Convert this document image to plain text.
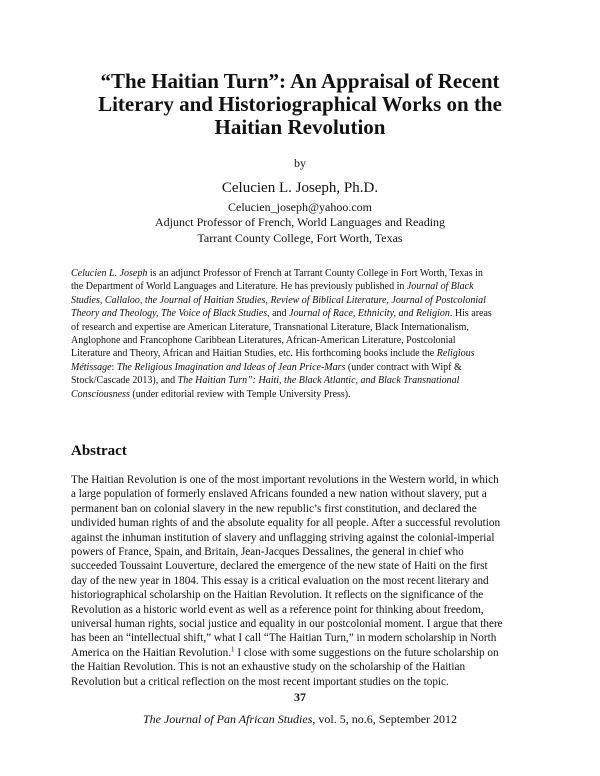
“The Haitian Turn”: An Appraisal of Recent
Literary and Historiographical Works on the
Haitian Revolution
by
Celucien L. Joseph, Ph.D.
Celucien_joseph@yahoo.com
Adjunct Professor of French, World Languages and Reading
Tarrant County College, Fort Worth, Texas
Celucien L. Joseph is an adjunct Professor of French at Tarrant County College in Fort Worth, Texas in
the Department of World Languages and Literature. He has previously published in Journal of Black
Studies, Callaloo, the Journal of Haitian Studies, Review of Biblical Literature, Journal of Postcolonial
Theory and Theology, The Voice of Black Studies, and Journal of Race, Ethnicity, and Religion. His areas
of research and expertise are American Literature, Transnational Literature, Black Internationalism,
Anglophone and Francophone Caribbean Literatures, African-American Literature, Postcolonial
Literature and Theory, African and Haitian Studies, etc. His forthcoming books include the Religious
Métissage: The Religious Imagination and Ideas of Jean Price-Mars (under contract with Wipf &
Stock/Cascade 2013), and The Haitian Turn”: Haiti, the Black Atlantic, and Black Transnational
Consciousness (under editorial review with Temple University Press).
Abstract
The Haitian Revolution is one of the most important revolutions in the Western world, in which
a large population of formerly enslaved Africans founded a new nation without slavery, put a
permanent ban on colonial slavery in the new republic’s first constitution, and declared the
undivided human rights of and the absolute equality for all people. After a successful revolution
against the inhuman institution of slavery and unflagging striving against the colonial-imperial
powers of France, Spain, and Britain, Jean-Jacques Dessalines, the general in chief who
succeeded Toussaint Louverture, declared the emergence of the new state of Haiti on the first
day of the new year in 1804. This essay is a critical evaluation on the most recent literary and
historiographical scholarship on the Haitian Revolution. It reflects on the significance of the
Revolution as a historic world event as well as a reference point for thinking about freedom,
universal human rights, social justice and equality in our postcolonial moment. I argue that there
has been an “intellectual shift,” what I call “The Haitian Turn,” in modern scholarship in North
America on the Haitian Revolution.$^1$ I close with some suggestions on the future scholarship on
the Haitian Revolution. This is not an exhaustive study on the scholarship of the Haitian
Revolution but a critical reflection on the most recent important studies on the topic.
37
The Journal of Pan African Studies, vol. 5, no.6, September 2012
